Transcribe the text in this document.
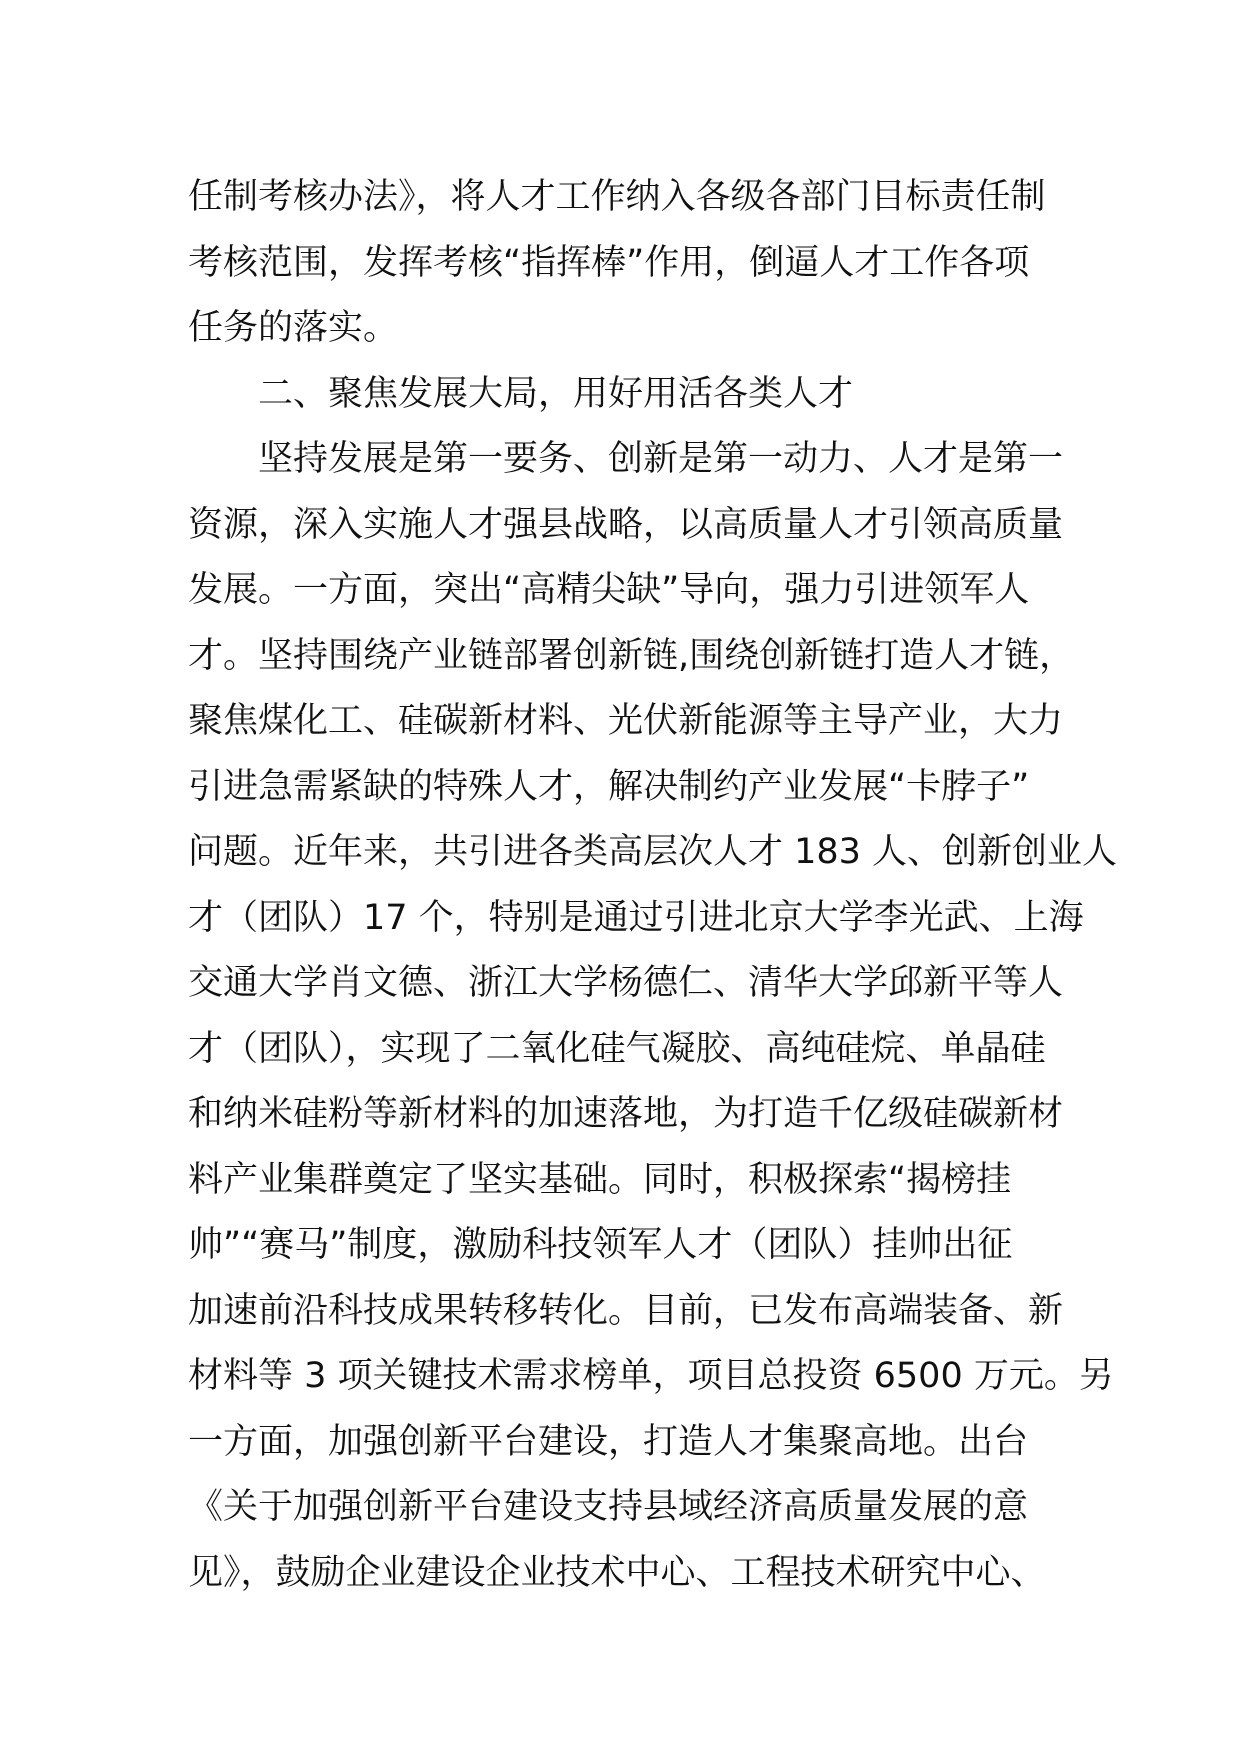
任制考核办法》，将人才工作纳入各级各部门目标责任制
考核范围，发挥考核“指挥棒”作用，倒逼人才工作各项
任务的落实。
二、聚焦发展大局，用好用活各类人才
坚持发展是第一要务、创新是第一动力、人才是第一
资源，深入实施人才强县战略，以高质量人才引领高质量
发展。一方面，突出“高精尖缺”导向，强力引进领军人
才。坚持围绕产业链部署创新链,围绕创新链打造人才链，
聚焦煤化工、硅碳新材料、光伏新能源等主导产业，大力
引进急需紧缺的特殊人才，解决制约产业发展“卡脖子”
问题。近年来，共引进各类高层次人才 183 人、创新创业人
才（团队）17 个，特别是通过引进北京大学李光武、上海
交通大学肖文德、浙江大学杨德仁、清华大学邱新平等人
才（团队），实现了二氧化硅气凝胶、高纯硅烷、单晶硅
和纳米硅粉等新材料的加速落地，为打造千亿级硅碳新材
料产业集群奠定了坚实基础。同时，积极探索“揭榜挂
帅”“赛马”制度，激励科技领军人才（团队）挂帅出征
加速前沿科技成果转移转化。目前，已发布高端装备、新
材料等 3 项关键技术需求榜单，项目总投资 6500 万元。另
一方面，加强创新平台建设，打造人才集聚高地。出台
《关于加强创新平台建设支持县域经济高质量发展的意
见》，鼓励企业建设企业技术中心、工程技术研究中心、
